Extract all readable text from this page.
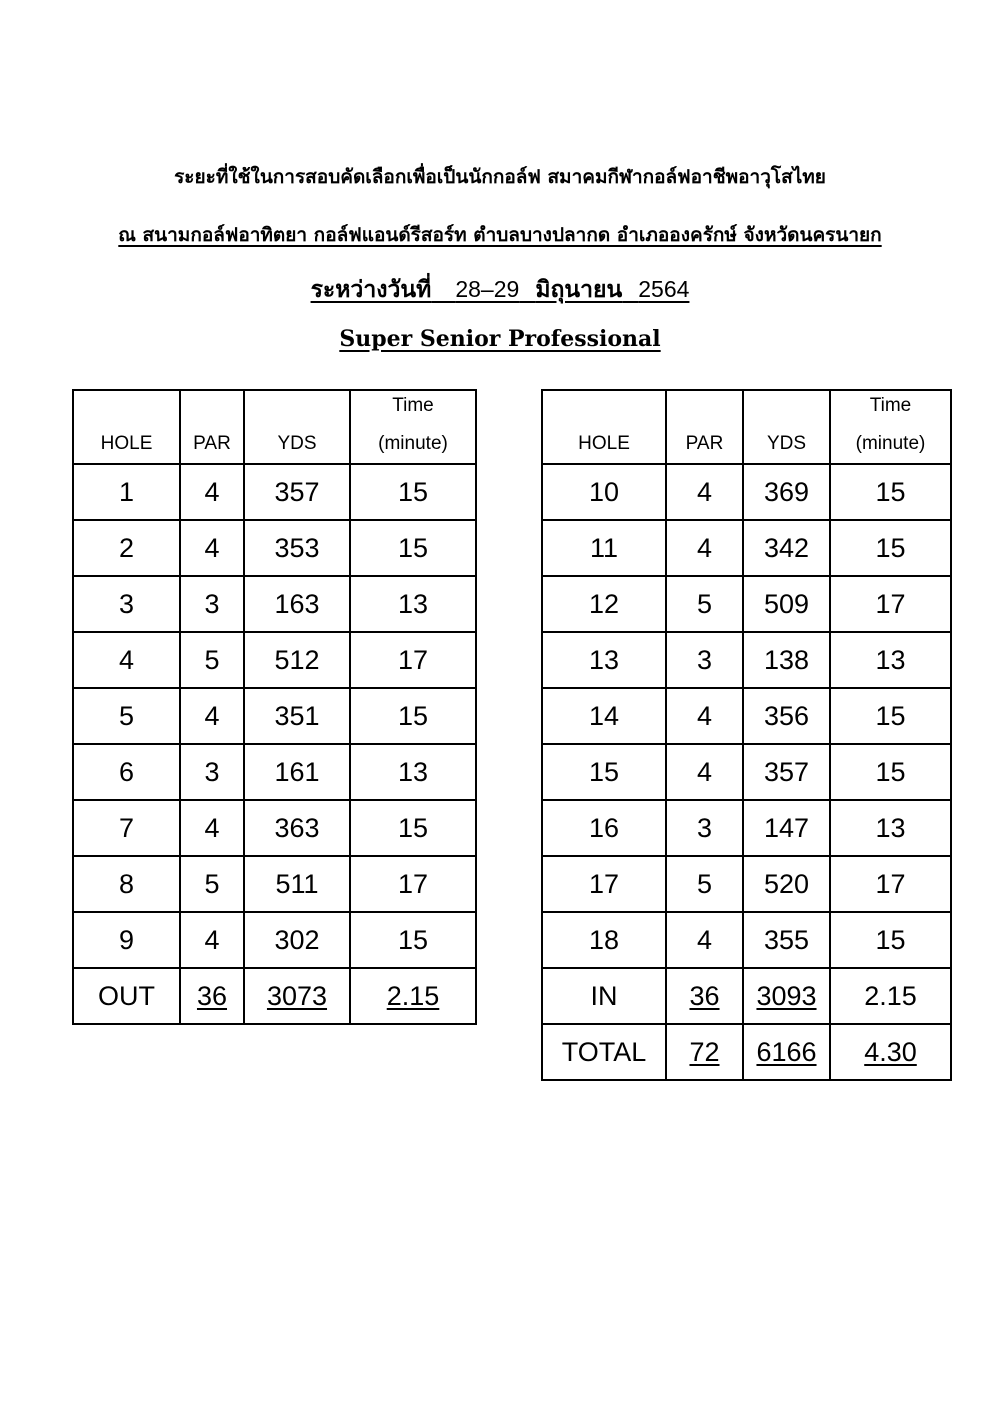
ระยะที่ใช้ในการสอบคัดเลือกเพื่อเป็นนักกอล์ฟ สมาคมกีฬากอล์ฟอาชีพอาวุโสไทย
ณ สนามกอล์ฟอาทิตยา กอล์ฟแอนด์รีสอร์ท ตำบลบางปลากด อำเภอองครักษ์ จังหวัดนครนายก
ระหว่างวันที่ 28–29 มิถุนายน 2564
Super Senior Professional
HOLE	PAR	YDS	Time
(minute)
1	4	357	15
2	4	353	15
3	3	163	13
4	5	512	17
5	4	351	15
6	3	161	13
7	4	363	15
8	5	511	17
9	4	302	15
OUT	36	3073	2.15
HOLE	PAR	YDS	Time
(minute)
10	4	369	15
11	4	342	15
12	5	509	17
13	3	138	13
14	4	356	15
15	4	357	15
16	3	147	13
17	5	520	17
18	4	355	15
IN	36	3093	2.15
TOTAL	72	6166	4.30
